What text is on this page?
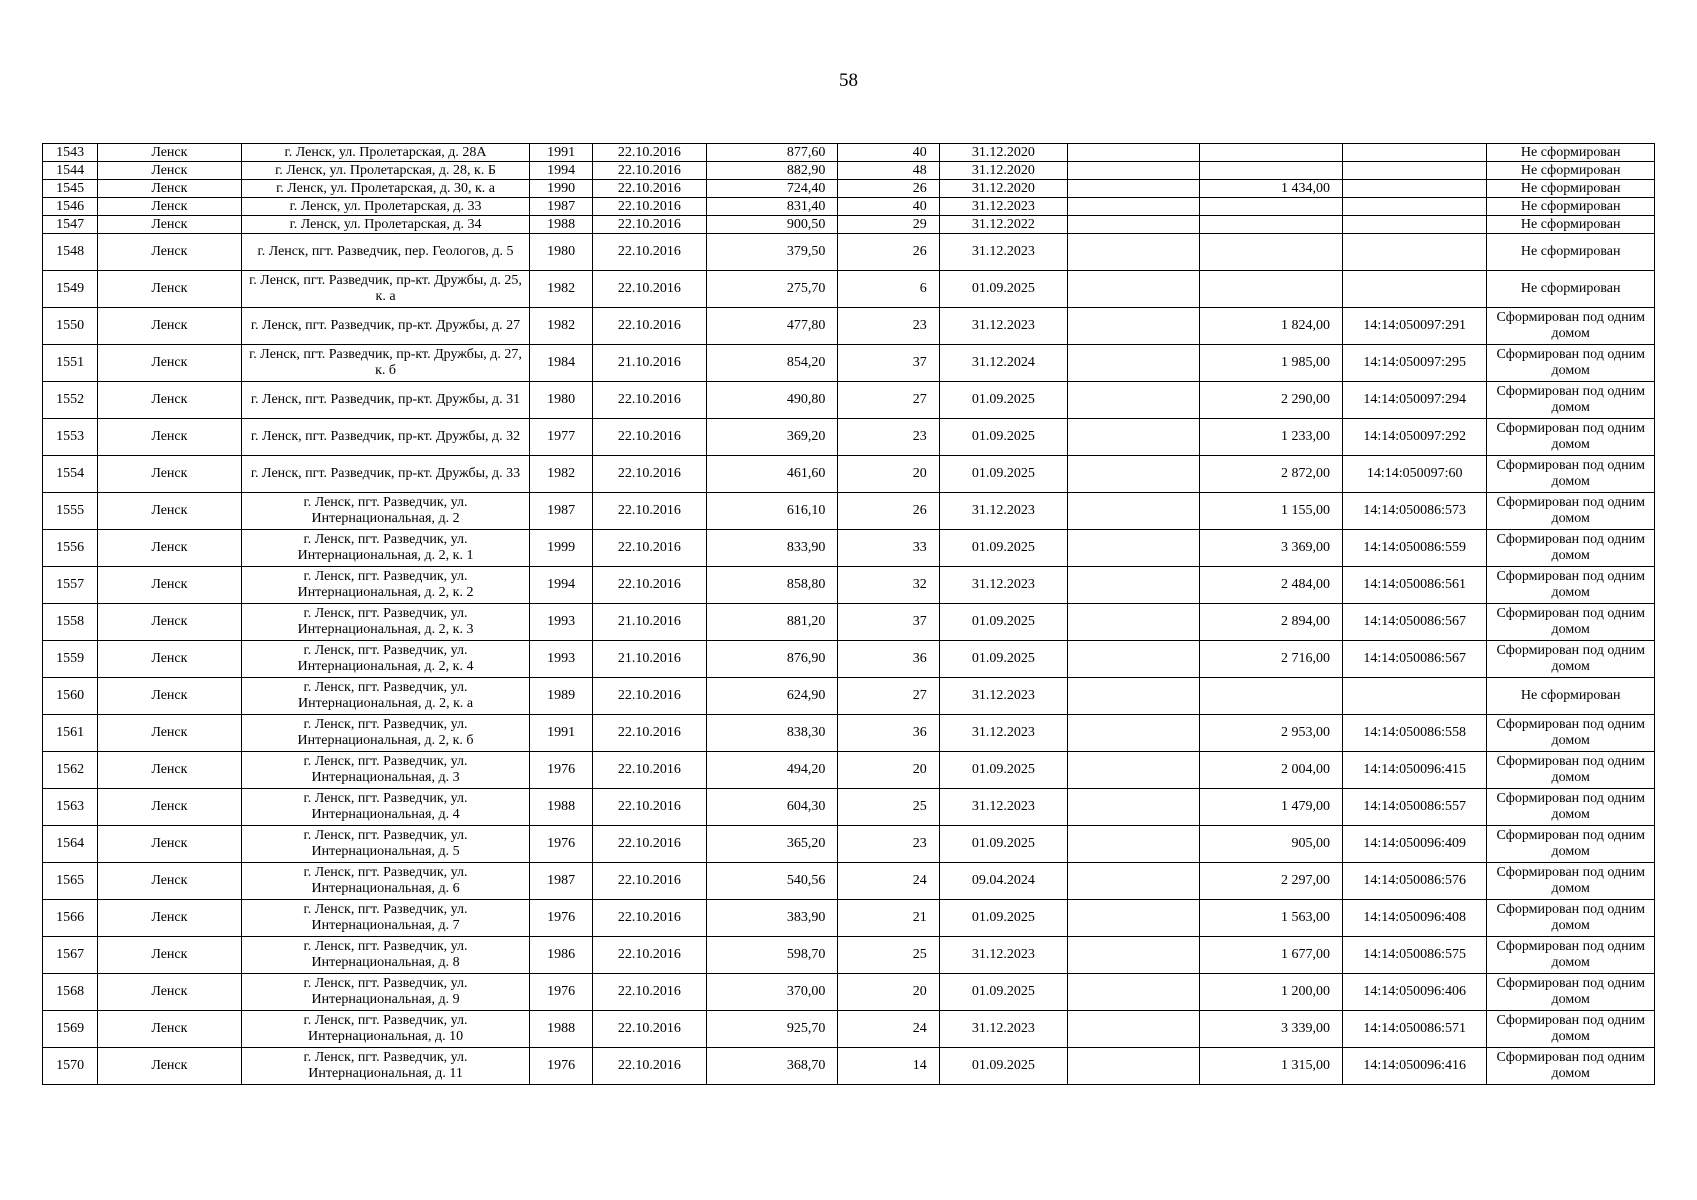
58
1543	Ленск	г. Ленск, ул. Пролетарская, д. 28А	1991	22.10.2016	877,60	40	31.12.2020				Не сформирован
1544	Ленск	г. Ленск, ул. Пролетарская, д. 28, к. Б	1994	22.10.2016	882,90	48	31.12.2020				Не сформирован
1545	Ленск	г. Ленск, ул. Пролетарская, д. 30, к. а	1990	22.10.2016	724,40	26	31.12.2020		1 434,00		Не сформирован
1546	Ленск	г. Ленск, ул. Пролетарская, д. 33	1987	22.10.2016	831,40	40	31.12.2023				Не сформирован
1547	Ленск	г. Ленск, ул. Пролетарская, д. 34	1988	22.10.2016	900,50	29	31.12.2022				Не сформирован
1548	Ленск	г. Ленск, пгт. Разведчик, пер. Геологов, д. 5	1980	22.10.2016	379,50	26	31.12.2023				Не сформирован
1549	Ленск	г. Ленск, пгт. Разведчик, пр-кт. Дружбы, д. 25, к. а	1982	22.10.2016	275,70	6	01.09.2025				Не сформирован
1550	Ленск	г. Ленск, пгт. Разведчик, пр-кт. Дружбы, д. 27	1982	22.10.2016	477,80	23	31.12.2023		1 824,00	14:14:050097:291	Сформирован под одним домом
1551	Ленск	г. Ленск, пгт. Разведчик, пр-кт. Дружбы, д. 27, к. б	1984	21.10.2016	854,20	37	31.12.2024		1 985,00	14:14:050097:295	Сформирован под одним домом
1552	Ленск	г. Ленск, пгт. Разведчик, пр-кт. Дружбы, д. 31	1980	22.10.2016	490,80	27	01.09.2025		2 290,00	14:14:050097:294	Сформирован под одним домом
1553	Ленск	г. Ленск, пгт. Разведчик, пр-кт. Дружбы, д. 32	1977	22.10.2016	369,20	23	01.09.2025		1 233,00	14:14:050097:292	Сформирован под одним домом
1554	Ленск	г. Ленск, пгт. Разведчик, пр-кт. Дружбы, д. 33	1982	22.10.2016	461,60	20	01.09.2025		2 872,00	14:14:050097:60	Сформирован под одним домом
1555	Ленск	г. Ленск, пгт. Разведчик, ул. Интернациональная, д. 2	1987	22.10.2016	616,10	26	31.12.2023		1 155,00	14:14:050086:573	Сформирован под одним домом
1556	Ленск	г. Ленск, пгт. Разведчик, ул. Интернациональная, д. 2, к. 1	1999	22.10.2016	833,90	33	01.09.2025		3 369,00	14:14:050086:559	Сформирован под одним домом
1557	Ленск	г. Ленск, пгт. Разведчик, ул. Интернациональная, д. 2, к. 2	1994	22.10.2016	858,80	32	31.12.2023		2 484,00	14:14:050086:561	Сформирован под одним домом
1558	Ленск	г. Ленск, пгт. Разведчик, ул. Интернациональная, д. 2, к. 3	1993	21.10.2016	881,20	37	01.09.2025		2 894,00	14:14:050086:567	Сформирован под одним домом
1559	Ленск	г. Ленск, пгт. Разведчик, ул. Интернациональная, д. 2, к. 4	1993	21.10.2016	876,90	36	01.09.2025		2 716,00	14:14:050086:567	Сформирован под одним домом
1560	Ленск	г. Ленск, пгт. Разведчик, ул. Интернациональная, д. 2, к. а	1989	22.10.2016	624,90	27	31.12.2023				Не сформирован
1561	Ленск	г. Ленск, пгт. Разведчик, ул. Интернациональная, д. 2, к. б	1991	22.10.2016	838,30	36	31.12.2023		2 953,00	14:14:050086:558	Сформирован под одним домом
1562	Ленск	г. Ленск, пгт. Разведчик, ул. Интернациональная, д. 3	1976	22.10.2016	494,20	20	01.09.2025		2 004,00	14:14:050096:415	Сформирован под одним домом
1563	Ленск	г. Ленск, пгт. Разведчик, ул. Интернациональная, д. 4	1988	22.10.2016	604,30	25	31.12.2023		1 479,00	14:14:050086:557	Сформирован под одним домом
1564	Ленск	г. Ленск, пгт. Разведчик, ул. Интернациональная, д. 5	1976	22.10.2016	365,20	23	01.09.2025		905,00	14:14:050096:409	Сформирован под одним домом
1565	Ленск	г. Ленск, пгт. Разведчик, ул. Интернациональная, д. 6	1987	22.10.2016	540,56	24	09.04.2024		2 297,00	14:14:050086:576	Сформирован под одним домом
1566	Ленск	г. Ленск, пгт. Разведчик, ул. Интернациональная, д. 7	1976	22.10.2016	383,90	21	01.09.2025		1 563,00	14:14:050096:408	Сформирован под одним домом
1567	Ленск	г. Ленск, пгт. Разведчик, ул. Интернациональная, д. 8	1986	22.10.2016	598,70	25	31.12.2023		1 677,00	14:14:050086:575	Сформирован под одним домом
1568	Ленск	г. Ленск, пгт. Разведчик, ул. Интернациональная, д. 9	1976	22.10.2016	370,00	20	01.09.2025		1 200,00	14:14:050096:406	Сформирован под одним домом
1569	Ленск	г. Ленск, пгт. Разведчик, ул. Интернациональная, д. 10	1988	22.10.2016	925,70	24	31.12.2023		3 339,00	14:14:050086:571	Сформирован под одним домом
1570	Ленск	г. Ленск, пгт. Разведчик, ул. Интернациональная, д. 11	1976	22.10.2016	368,70	14	01.09.2025		1 315,00	14:14:050096:416	Сформирован под одним домом
